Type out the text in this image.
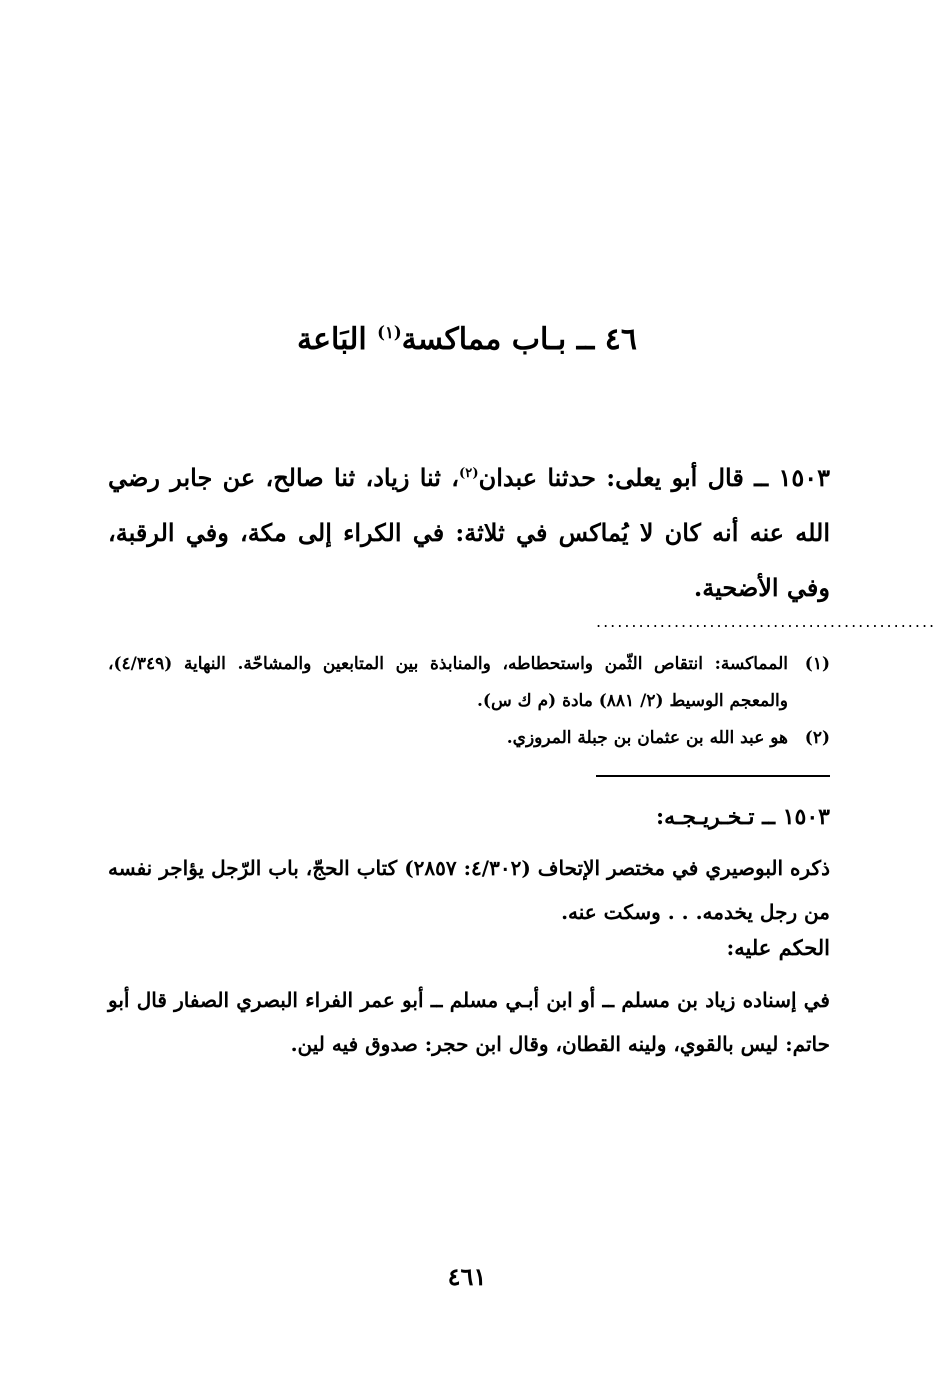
٤٦ ــ بـاب مماكسة$^{(١)}$ البَاعة
١٥٠٣ ــ قال أبو يعلى: حدثنا عبدان$^{(٢)}$، ثنا زياد، ثنا صالح، عن جابر رضي الله عنه أنه كان لا يُماكس في ثلاثة: في الكراء إلى مكة، وفي الرقبة، وفي الأضحية.
................................................
(١)
المماكسة: انتقاص الثّمن واستحطاطه، والمنابذة بين المتابعين والمشاحّة. النهاية (٤/٣٤٩)، والمعجم الوسيط (٢/ ٨٨١) مادة (م ك س).
(٢)
هو عبد الله بن عثمان بن جبلة المروزي.
١٥٠٣ ــ تـخـريـجـه:
ذكره البوصيري في مختصر الإتحاف (٤/٣٠٢: ٢٨٥٧) كتاب الحجّ، باب الرّجل يؤاجر نفسه من رجل يخدمه. . . وسكت عنه.
الحكم عليه:
في إسناده زياد بن مسلم ــ أو ابن أبـي مسلم ــ أبو عمر الفراء البصري الصفار قال أبو حاتم: ليس بالقوي، ولينه القطان، وقال ابن حجر: صدوق فيه لين.
٤٦١
